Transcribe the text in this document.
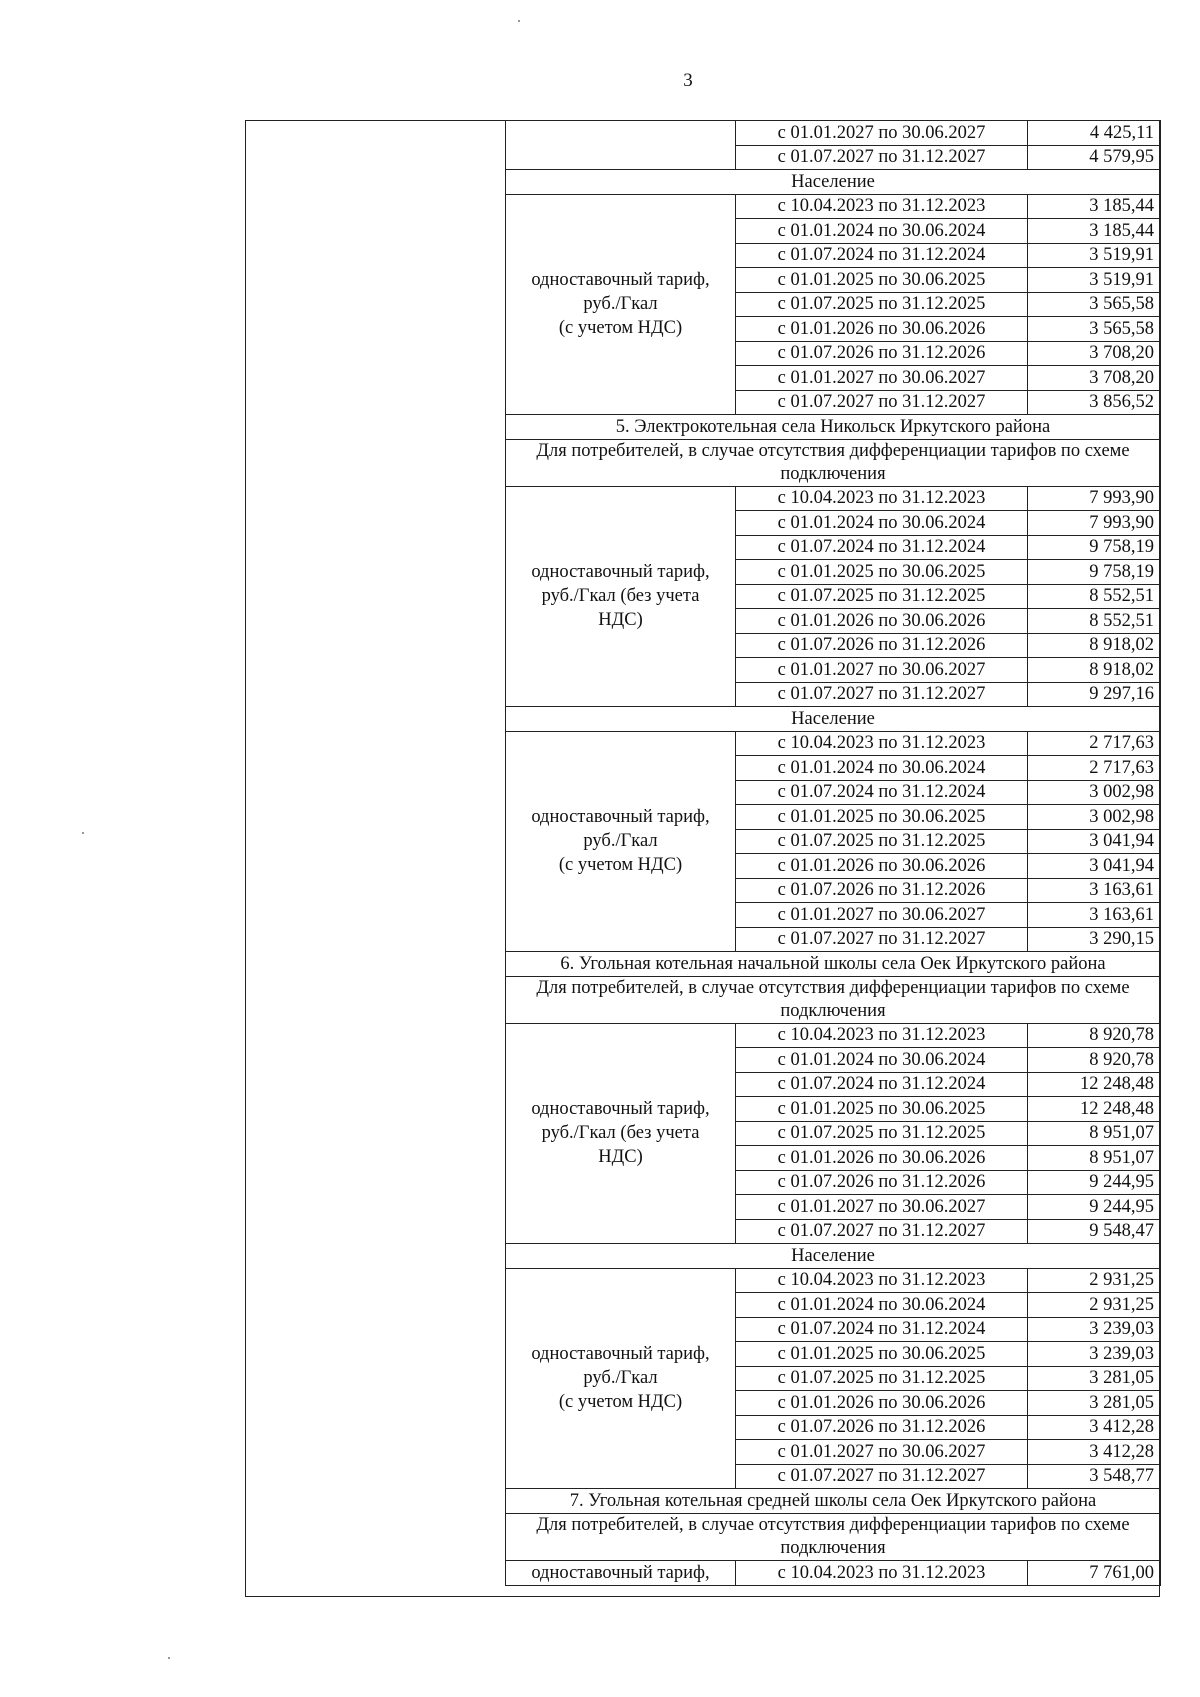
3
	с 01.01.2027 по 30.06.2027	4 425,11
	с 01.07.2027 по 31.12.2027	4 579,95
Население		

одноставочный тариф,
руб./Гкал
(с учетом НДС)	с 10.04.2023 по 31.12.2023	3 185,44
	с 01.01.2024 по 30.06.2024	3 185,44
	с 01.07.2024 по 31.12.2024	3 519,91
	с 01.01.2025 по 30.06.2025	3 519,91
	с 01.07.2025 по 31.12.2025	3 565,58
	с 01.01.2026 по 30.06.2026	3 565,58
	с 01.07.2026 по 31.12.2026	3 708,20
	с 01.01.2027 по 30.06.2027	3 708,20
	с 01.07.2027 по 31.12.2027	3 856,52
5. Электрокотельная села Никольск Иркутского района		
Для потребителей, в случае отсутствия дифференциации тарифов по схеме подключения		

одноставочный тариф,
руб./Гкал (без учета
НДС)	с 10.04.2023 по 31.12.2023	7 993,90
	с 01.01.2024 по 30.06.2024	7 993,90
	с 01.07.2024 по 31.12.2024	9 758,19
	с 01.01.2025 по 30.06.2025	9 758,19
	с 01.07.2025 по 31.12.2025	8 552,51
	с 01.01.2026 по 30.06.2026	8 552,51
	с 01.07.2026 по 31.12.2026	8 918,02
	с 01.01.2027 по 30.06.2027	8 918,02
	с 01.07.2027 по 31.12.2027	9 297,16
Население		

одноставочный тариф,
руб./Гкал
(с учетом НДС)	с 10.04.2023 по 31.12.2023	2 717,63
	с 01.01.2024 по 30.06.2024	2 717,63
	с 01.07.2024 по 31.12.2024	3 002,98
	с 01.01.2025 по 30.06.2025	3 002,98
	с 01.07.2025 по 31.12.2025	3 041,94
	с 01.01.2026 по 30.06.2026	3 041,94
	с 01.07.2026 по 31.12.2026	3 163,61
	с 01.01.2027 по 30.06.2027	3 163,61
	с 01.07.2027 по 31.12.2027	3 290,15
6. Угольная котельная начальной школы села Оек Иркутского района		
Для потребителей, в случае отсутствия дифференциации тарифов по схеме подключения		

одноставочный тариф,
руб./Гкал (без учета
НДС)	с 10.04.2023 по 31.12.2023	8 920,78
	с 01.01.2024 по 30.06.2024	8 920,78
	с 01.07.2024 по 31.12.2024	12 248,48
	с 01.01.2025 по 30.06.2025	12 248,48
	с 01.07.2025 по 31.12.2025	8 951,07
	с 01.01.2026 по 30.06.2026	8 951,07
	с 01.07.2026 по 31.12.2026	9 244,95
	с 01.01.2027 по 30.06.2027	9 244,95
	с 01.07.2027 по 31.12.2027	9 548,47
Население		

одноставочный тариф,
руб./Гкал
(с учетом НДС)	с 10.04.2023 по 31.12.2023	2 931,25
	с 01.01.2024 по 30.06.2024	2 931,25
	с 01.07.2024 по 31.12.2024	3 239,03
	с 01.01.2025 по 30.06.2025	3 239,03
	с 01.07.2025 по 31.12.2025	3 281,05
	с 01.01.2026 по 30.06.2026	3 281,05
	с 01.07.2026 по 31.12.2026	3 412,28
	с 01.01.2027 по 30.06.2027	3 412,28
	с 01.07.2027 по 31.12.2027	3 548,77
7. Угольная котельная средней школы села Оек Иркутского района		
Для потребителей, в случае отсутствия дифференциации тарифов по схеме подключения		

одноставочный тариф,	с 10.04.2023 по 31.12.2023	7 761,00
